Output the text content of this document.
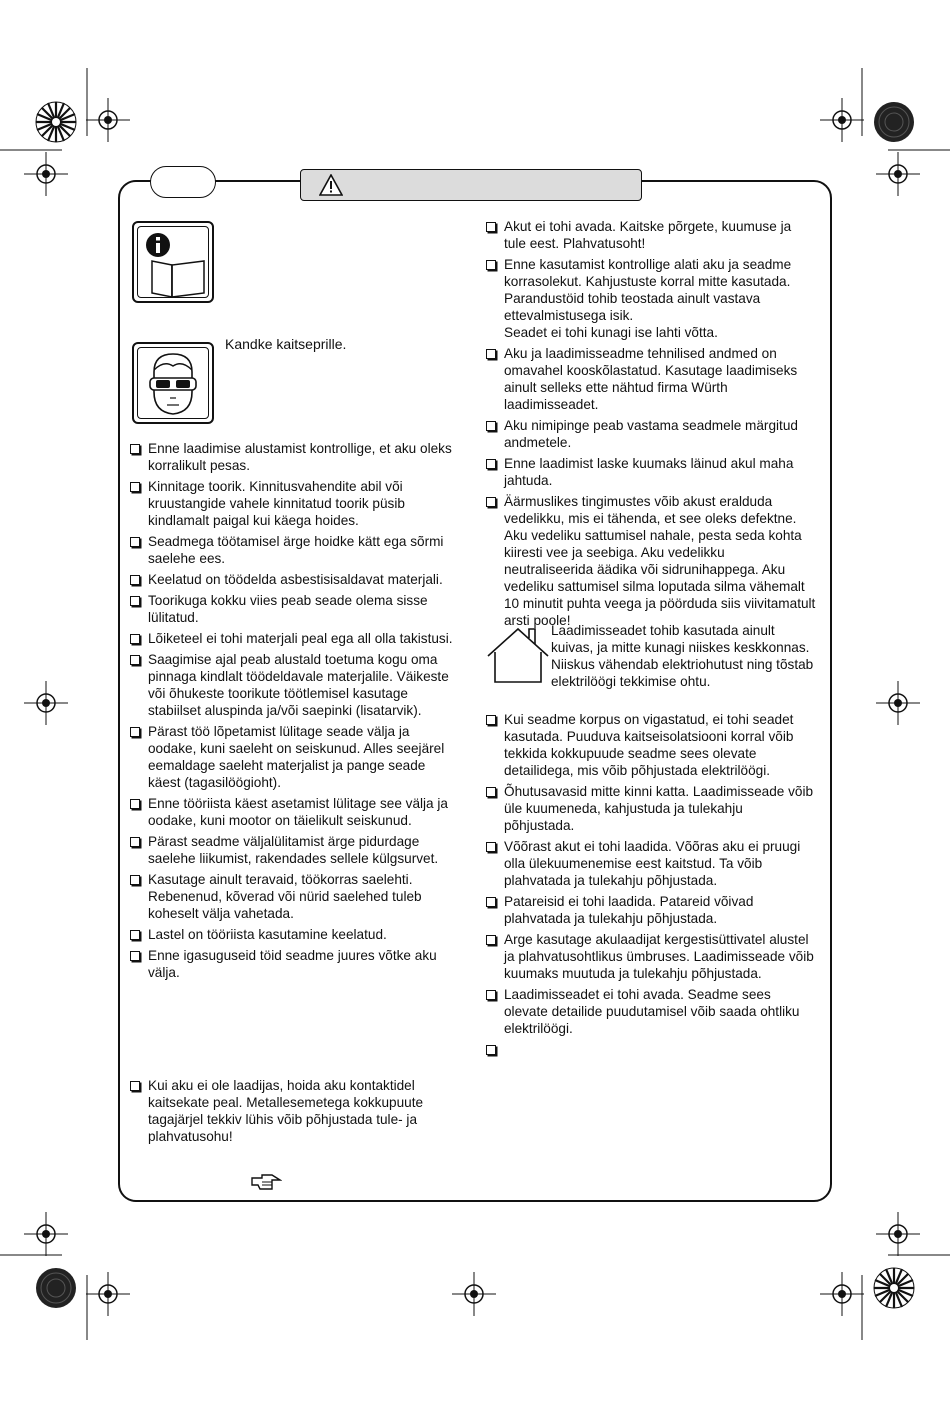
Kandke kaitseprille.
Enne laadimise alustamist kontrollige, et aku oleks korralikult pesas.
Kinnitage toorik. Kinnitusvahendite abil või kruustangide vahele kinnitatud toorik püsib kindlamalt paigal kui käega hoides.
Seadmega töötamisel ärge hoidke kätt ega sõrmi saelehe ees.
Keelatud on töödelda asbestisisaldavat materjali.
Toorikuga kokku viies peab seade olema sisse lülitatud.
Lõiketeel ei tohi materjali peal ega all olla takistusi.
Saagimise ajal peab alustald toetuma kogu oma pinnaga kindlalt töödeldavale materjalile. Väikeste või õhukeste toorikute töötlemisel kasutage stabiilset aluspinda ja/või saepinki (lisatarvik).
Pärast töö lõpetamist lülitage seade välja ja oodake, kuni saeleht on seiskunud. Alles seejärel eemaldage saeleht materjalist ja pange seade käest (tagasilöögioht).
Enne tööriista käest asetamist lülitage see välja ja oodake, kuni mootor on täielikult seiskunud.
Pärast seadme väljalülitamist ärge pidurdage saelehe liikumist, rakendades sellele külgsurvet.
Kasutage ainult teravaid, töökorras saelehti. Rebenenud, kõverad või nürid saelehed tuleb koheselt välja vahetada.
Lastel on tööriista kasutamine keelatud.
Enne igasuguseid töid seadme juures võtke aku välja.
Kui aku ei ole laadijas, hoida aku kontaktidel kaitsekate peal. Metallesemetega kokkupuute tagajärjel tekkiv lühis võib põhjustada tule- ja plahvatusohu!
Akut ei tohi avada. Kaitske põrgete, kuumuse ja tule eest. Plahvatusoht!
Enne kasutamist kontrollige alati aku ja seadme korrasolekut. Kahjustuste korral mitte kasutada. Parandustöid tohib teostada ainult vastava ettevalmistusega isik.
Seadet ei tohi kunagi ise lahti võtta.
Aku ja laadimisseadme tehnilised andmed on omavahel kooskõlastatud. Kasutage laadimiseks ainult selleks ette nähtud firma Würth laadimisseadet.
Aku nimipinge peab vastama seadmele märgitud andmetele.
Enne laadimist laske kuumaks läinud akul maha jahtuda.
Äärmuslikes tingimustes võib akust eralduda vedelikku, mis ei tähenda, et see oleks defektne. Aku vedeliku sattumisel nahale, pesta seda kohta kiiresti vee ja seebiga. Aku vedelikku neutraliseerida äädika või sidrunihappega. Aku vedeliku sattumisel silma loputada silma vähemalt 10 minutit puhta veega ja pöörduda siis viivitamatult arsti poole!
Laadimisseadet tohib kasutada ainult kuivas, ja mitte kunagi niiskes keskkonnas. Niiskus vähendab elektriohutust ning tõstab elektrilöögi tekkimise ohtu.
Kui seadme korpus on vigastatud, ei tohi seadet kasutada. Puuduva kaitseisolatsiooni korral võib tekkida kokkupuude seadme sees olevate detailidega, mis võib põhjustada elektrilöögi.
Õhutusavasid mitte kinni katta. Laadimisseade võib üle kuumeneda, kahjustuda ja tulekahju põhjustada.
Võõrast akut ei tohi laadida. Võõras aku ei pruugi olla ülekuumenemise eest kaitstud. Ta võib plahvatada ja tulekahju põhjustada.
Patareisid ei tohi laadida. Patareid võivad plahvatada ja tulekahju põhjustada.
Arge kasutage akulaadijat kergestisüttivatel alustel ja plahvatusohtlikus ümbruses. Laadimisseade võib kuumaks muutuda ja tulekahju põhjustada.
Laadimisseadet ei tohi avada. Seadme sees olevate detailide puudutamisel võib saada ohtliku elektrilöögi.
